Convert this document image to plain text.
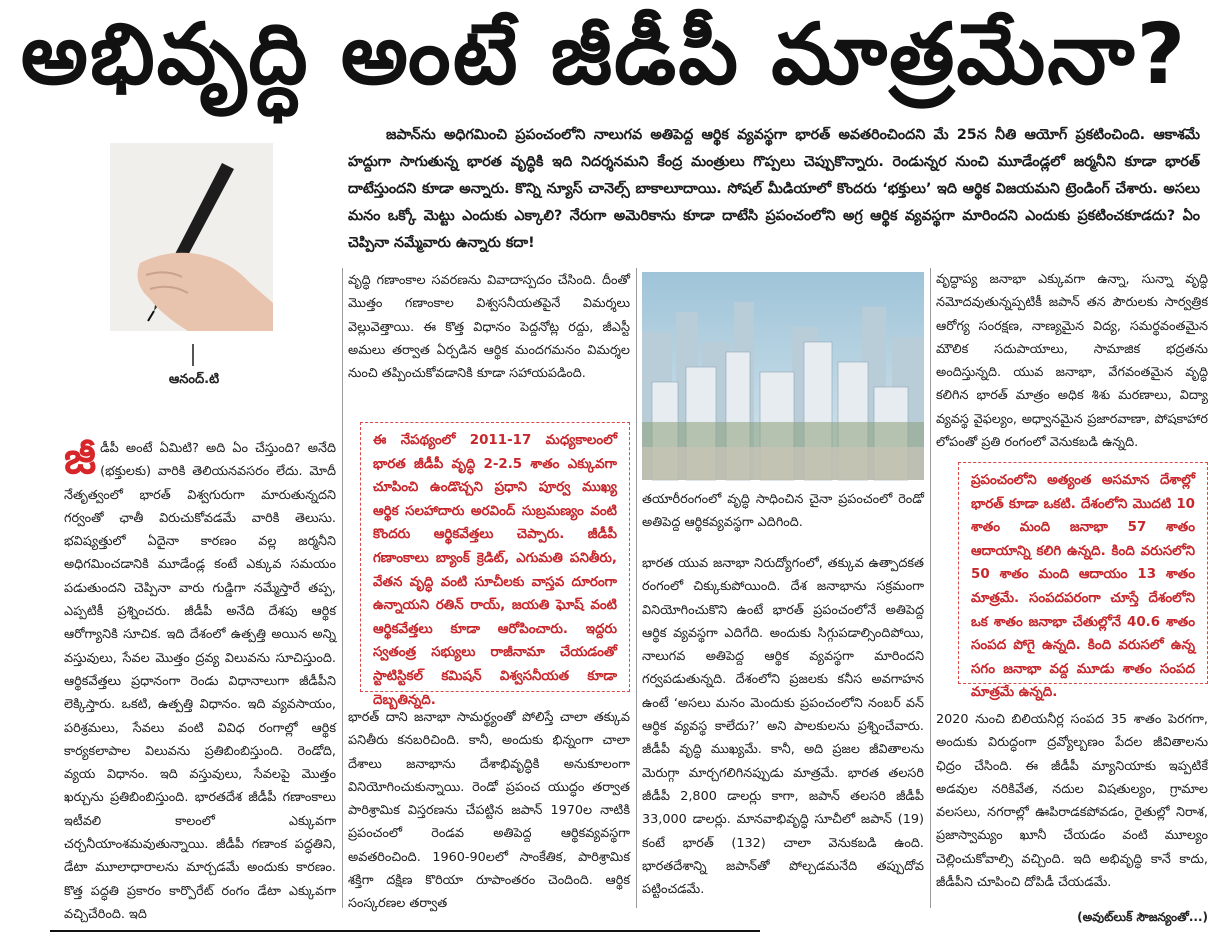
అభివృద్ధి అంటే జీడీపీ మాత్రమేనా?
జపాన్‌ను అధిగమించి ప్రపంచంలోని నాలుగవ అతిపెద్ద ఆర్థిక వ్యవస్థగా భారత్ అవతరించిందని మే 25న నీతి ఆయోగ్ ప్రకటించింది. ఆకాశమే హద్దుగా సాగుతున్న భారత వృద్ధికి ఇది నిదర్శనమని కేంద్ర మంత్రులు గొప్పలు చెప్పుకొన్నారు. రెండున్నర నుంచి మూడేండ్లలో జర్మనీని కూడా భారత్ దాటేస్తుందని కూడా అన్నారు. కొన్ని న్యూస్ చానెల్స్ బాకాలూదాయి. సోషల్ మీడియాలో కొందరు ‘భక్తులు’ ఇది ఆర్థిక విజయమని ట్రెండింగ్ చేశారు. అసలు మనం ఒక్కో మెట్టు ఎందుకు ఎక్కాలి? నేరుగా అమెరికాను కూడా దాటేసి ప్రపంచంలోని అగ్ర ఆర్థిక వ్యవస్థగా మారిందని ఎందుకు ప్రకటించకూడదు? ఏం చెప్పినా నమ్మేవారు ఉన్నారు కదా!
ఆనంద్.టి

జీడీపీ అంటే ఏమిటి? అది ఏం చేస్తుంది? అనేది (భక్తులకు) వారికి తెలియనవసరం లేదు. మోదీ నేతృత్వంలో భారత్ విశ్వగురుగా మారుతున్నదని గర్వంతో ఛాతీ విరుచుకోవడమే వారికి తెలుసు. భవిష్యత్తులో ఏదైనా కారణం వల్ల జర్మనీని అధిగమించడానికి మూడేండ్ల కంటే ఎక్కువ సమయం పడుతుందని చెప్పినా వారు గుడ్డిగా నమ్మేస్తారే తప్ప, ఎప్పటికీ ప్రశ్నించరు. జీడీపీ అనేది దేశపు ఆర్థిక ఆరోగ్యానికి సూచిక. ఇది దేశంలో ఉత్పత్తి అయిన అన్ని వస్తువులు, సేవల మొత్తం ద్రవ్య విలువను సూచిస్తుంది. ఆర్థికవేత్తలు ప్రధానంగా రెండు విధానాలుగా జీడీపీని లెక్కిస్తారు. ఒకటి, ఉత్పత్తి విధానం. ఇది వ్యవసాయం, పరిశ్రమలు, సేవలు వంటి వివిధ రంగాల్లో ఆర్థిక కార్యకలాపాల విలువను ప్రతిబింబిస్తుంది. రెండోది, వ్యయ విధానం. ఇది వస్తువులు, సేవలపై మొత్తం ఖర్చును ప్రతిబింబిస్తుంది. భారతదేశ జీడీపీ గణాంకాలు ఇటీవలి కాలంలో ఎక్కువగా చర్చనీయాంశమవుతున్నాయి. జీడీపీ గణాంక పద్ధతిని, డేటా మూలాధారాలను మార్చడమే అందుకు కారణం. కొత్త పద్ధతి ప్రకారం కార్పొరేట్ రంగం డేటా ఎక్కువగా వచ్చిచేరింది. ఇది

వృద్ధి గణాంకాల సవరణను వివాదాస్పదం చేసింది. దీంతో మొత్తం గణాంకాల విశ్వసనీయతపైనే విమర్శలు వెల్లువెత్తాయి. ఈ కొత్త విధానం పెద్దనోట్ల రద్దు, జీఎస్టీ అమలు తర్వాత ఏర్పడిన ఆర్థిక మందగమనం విమర్శల నుంచి తప్పించుకోవడానికి కూడా సహాయపడింది.

ఈ నేపథ్యంలో 2011-17 మధ్యకాలంలో భారత జీడీపీ వృద్ధి 2-2.5 శాతం ఎక్కువగా చూపించి ఉండొచ్చని ప్రధాని పూర్వ ముఖ్య ఆర్థిక సలహాదారు అరవింద్ సుబ్రమణ్యం వంటి కొందరు ఆర్థికవేత్తలు చెప్పారు. జీడీపీ గణాంకాలు బ్యాంక్ క్రెడిట్, ఎగుమతి పనితీరు, వేతన వృద్ధి వంటి సూచీలకు వాస్తవ దూరంగా ఉన్నాయని రతిన్ రాయ్, జయతి ఘోష్ వంటి ఆర్థికవేత్తలు కూడా ఆరోపించారు. ఇద్దరు స్వతంత్ర సభ్యులు రాజీనామా చేయడంతో స్టాటిస్టికల్ కమిషన్ విశ్వసనీయత కూడా దెబ్బతిన్నది.

భారత్ దాని జనాభా సామర్థ్యంతో పోలిస్తే చాలా తక్కువ పనితీరు కనబరిచింది. కానీ, అందుకు భిన్నంగా చాలా దేశాలు జనాభాను దేశాభివృద్ధికి అనుకూలంగా వినియోగించుకున్నాయి. రెండో ప్రపంచ యుద్ధం తర్వాత పారిశ్రామిక విస్తరణను చేపట్టిన జపాన్ 1970ల నాటికి ప్రపంచంలో రెండవ అతిపెద్ద ఆర్థికవ్యవస్థగా అవతరించింది. 1960-90లలో సాంకేతిక, పారిశ్రామిక శక్తిగా దక్షిణ కొరియా రూపాంతరం చెందింది. ఆర్థిక సంస్కరణల తర్వాత

తయారీరంగంలో వృద్ధి సాధించిన చైనా ప్రపంచంలో రెండో అతిపెద్ద ఆర్థికవ్యవస్థగా ఎదిగింది.

భారత యువ జనాభా నిరుద్యోగంలో, తక్కువ ఉత్పాదకత రంగంలో చిక్కుకుపోయింది. దేశ జనాభాను సక్రమంగా వినియోగించుకొని ఉంటే భారత్ ప్రపంచంలోనే అతిపెద్ద ఆర్థిక వ్యవస్థగా ఎదిగేది. అందుకు సిగ్గుపడాల్సిందిపోయి, నాలుగవ అతిపెద్ద ఆర్థిక వ్యవస్థగా మారిందని గర్వపడుతున్నది. దేశంలోని ప్రజలకు కనీస అవగాహన ఉంటే ‘అసలు మనం మెందుకు ప్రపంచంలోని నంబర్ వన్ ఆర్థిక వ్యవస్థ కాలేదు?’ అని పాలకులను ప్రశ్నించేవారు. జీడీపీ వృద్ధి ముఖ్యమే. కానీ, అది ప్రజల జీవితాలను మెరుగ్గా మార్చగలిగినప్పుడు మాత్రమే. భారత తలసరి జీడీపీ 2,800 డాలర్లు కాగా, జపాన్ తలసరి జీడీపీ 33,000 డాలర్లు. మానవాభివృద్ధి సూచీలో జపాన్ (19) కంటే భారత్ (132) చాలా వెనుకబడి ఉంది. భారతదేశాన్ని జపాన్‌తో పోల్చడమనేది తప్పుదోవ పట్టించడమే.

వృద్ధాప్య జనాభా ఎక్కువగా ఉన్నా, సున్నా వృద్ధి నమోదవుతున్నప్పటికీ జపాన్ తన పౌరులకు సార్వత్రిక ఆరోగ్య సంరక్షణ, నాణ్యమైన విద్య, సమర్థవంతమైన మౌలిక సదుపాయాలు, సామాజిక భద్రతను అందిస్తున్నది. యువ జనాభా, వేగవంతమైన వృద్ధి కలిగిన భారత్ మాత్రం అధిక శిశు మరణాలు, విద్యా వ్యవస్థ వైఫల్యం, అధ్వానమైన ప్రజారవాణా, పోషకాహార లోపంతో ప్రతి రంగంలో వెనుకబడి ఉన్నది.

ప్రపంచంలోని అత్యంత అసమాన దేశాల్లో భారత్ కూడా ఒకటి. దేశంలోని మొదటి 10 శాతం మంది జనాభా 57 శాతం ఆదాయాన్ని కలిగి ఉన్నది. కింది వరుసలోని 50 శాతం మంది ఆదాయం 13 శాతం మాత్రమే. సంపదపరంగా చూస్తే దేశంలోని ఒక శాతం జనాభా చేతుల్లోనే 40.6 శాతం సంపద పోగై ఉన్నది. కింది వరుసలో ఉన్న సగం జనాభా వద్ద మూడు శాతం సంపద మాత్రమే ఉన్నది.

2020 నుంచి బిలియనీర్ల సంపద 35 శాతం పెరగగా, అందుకు విరుద్ధంగా ద్రవ్యోల్బణం పేదల జీవితాలను ఛిద్రం చేసింది. ఈ జీడీపీ మ్యానియాకు ఇప్పటికే అడవుల నరికివేత, నదుల విషతుల్యం, గ్రామాల వలసలు, నగరాల్లో ఊపిరాడకపోవడం, రైతుల్లో నిరాశ, ప్రజాస్వామ్యం ఖూనీ చేయడం వంటి మూల్యం చెల్లించుకోవాల్సి వచ్చింది. ఇది అభివృద్ధి కానే కాదు, జీడీపీని చూపించి దోపిడీ చేయడమే.

(అవుట్‌లుక్ సౌజన్యంతో...)
